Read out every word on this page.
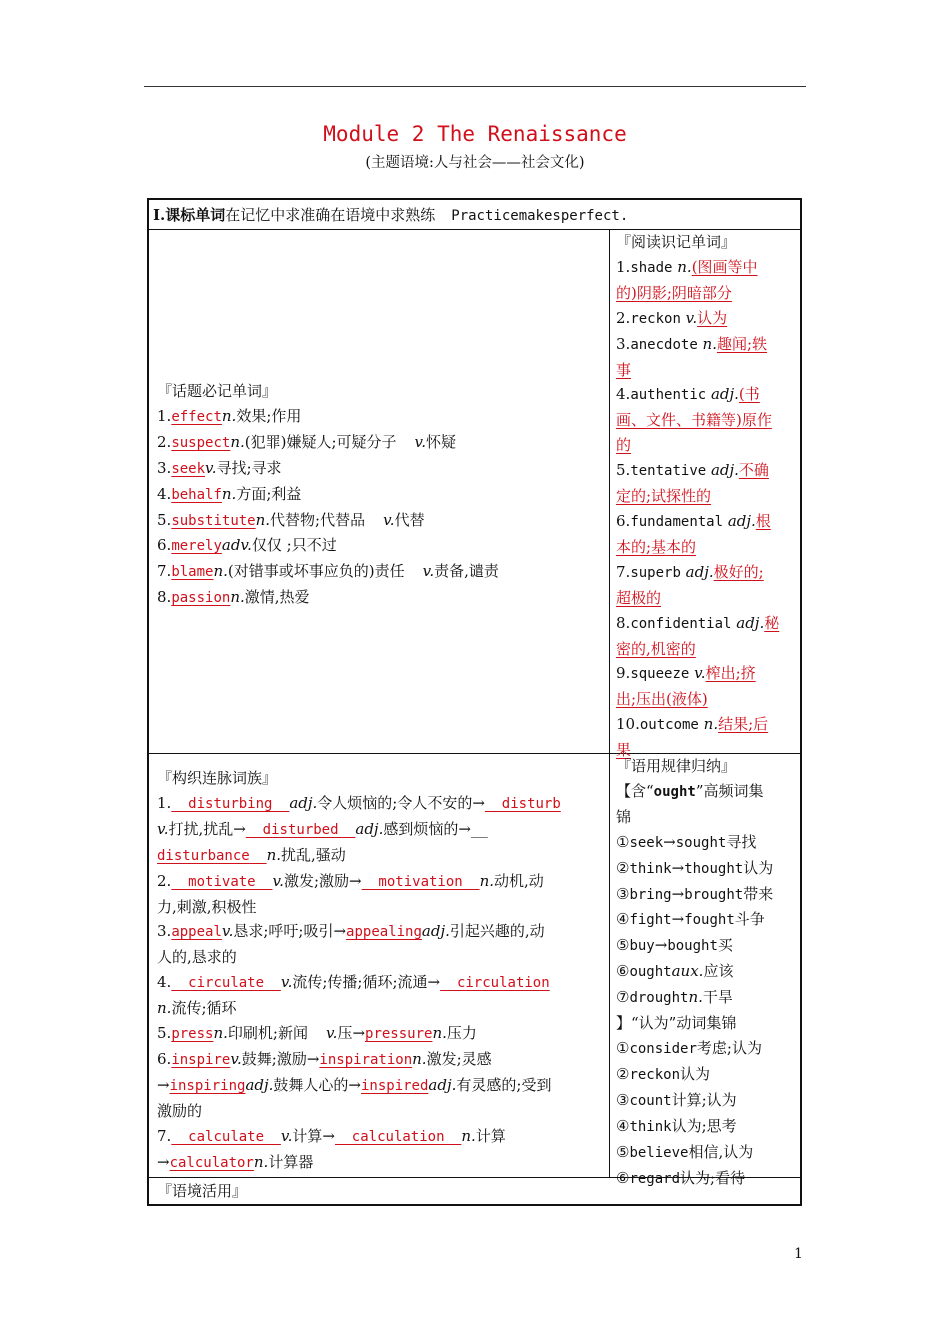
Module 2 The Renaissance
(主题语境:人与社会——社会文化)

Ⅰ.课标单词在记忆中求准确在语境中求熟练 Practicemakesperfect.

『话题必记单词』

1.effectn.效果;作用

2.suspectn.(犯罪)嫌疑人;可疑分子 v.怀疑

3.seekv.寻找;寻求

4.behalfn.方面;利益

5.substituten.代替物;代替品 v.代替

6.merelyadv.仅仅 ;只不过

7.blamen.(对错事或坏事应负的)责任 v.责备,谴责

8.passionn.激情,热爱

『阅读识记单词』

1.shade n.(图画等中

的)阴影;阴暗部分

2.reckon v.认为

3.anecdote n.趣闻;轶

事

4.authentic adj.(书

画、文件、书籍等)原作

的

5.tentative adj.不确

定的;试探性的

6.fundamental adj.根

本的;基本的

7.superb adj.极好的;

超极的

8.confidential adj.秘

密的,机密的

9.squeeze v.榨出;挤

出;压出(液体)

10.outcome n.结果;后

果

『构织连脉词族』

1.  disturbing  adj.令人烦恼的;令人不安的→  disturb

v.打扰,扰乱→  disturbed  adj.感到烦恼的→__

disturbance n.扰乱,骚动

2.  motivate  v.激发;激励→  motivation  n.动机,动

力,刺激,积极性

3.appealv.恳求;呼吁;吸引→appealingadj.引起兴趣的,动

人的,恳求的

4.  circulate  v.流传;传播;循环;流通→  circulation

n.流传;循环

5.pressn.印刷机;新闻 v.压→pressuren.压力

6.inspirev.鼓舞;激励→inspirationn.激发;灵感

→inspiringadj.鼓舞人心的→inspiredadj.有灵感的;受到

激励的

7.  calculate  v.计算→  calculation  n.计算

→calculatorn.计算器

『语用规律归纳』

【含“ought”高频词集

锦

①seek→sought寻找

②think→thought认为

③bring→brought带来

④fight→fought斗争

⑤buy→bought买

⑥oughtaux.应该

⑦droughtn.干旱

】“认为”动词集锦

①consider考虑;认为

②reckon认为

③count计算;认为

④think认为;思考

⑤believe相信,认为

⑥regard认为;看待

『语境活用』
1
